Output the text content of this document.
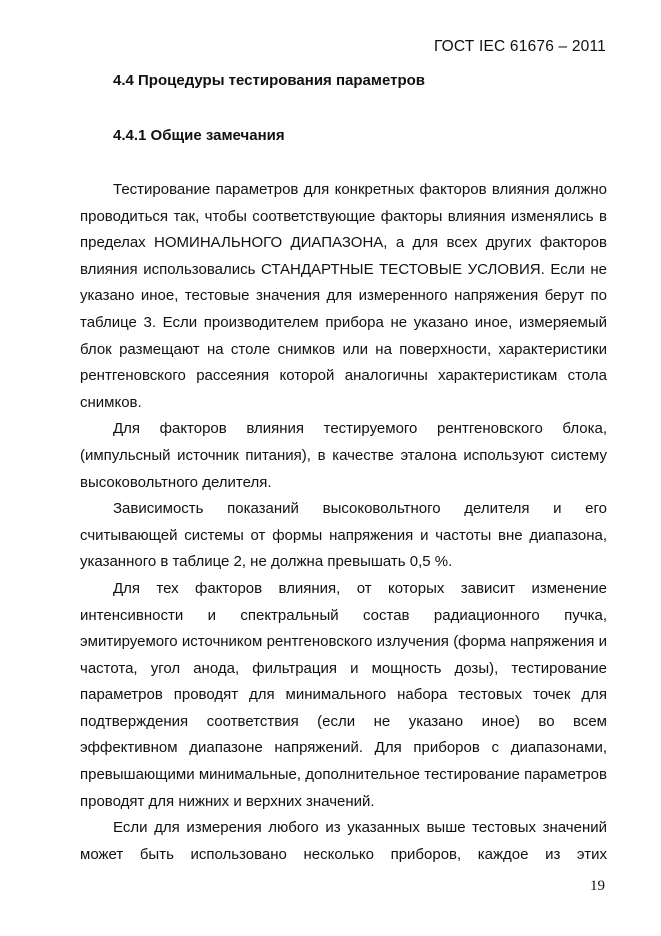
ГОСТ IEC 61676 – 2011
4.4 Процедуры тестирования параметров
4.4.1 Общие замечания

Тестирование параметров для конкретных факторов влияния должно проводиться так, чтобы соответствующие факторы влияния изменялись в пределах НОМИНАЛЬНОГО ДИАПАЗОНА, а для всех других факторов влияния использовались СТАНДАРТНЫЕ ТЕСТОВЫЕ УСЛОВИЯ. Если не указано иное, тестовые значения для измеренного напряжения берут по таблице 3. Если производителем прибора не указано иное, измеряемый блок размещают на столе снимков или на поверхности, характеристики рентгеновского рассеяния которой аналогичны характеристикам стола снимков.

Для факторов влияния тестируемого рентгеновского блока, (импульсный источник питания), в качестве эталона используют систему высоковольтного делителя.

Зависимость показаний высоковольтного делителя и его считывающей системы от формы напряжения и частоты вне диапазона, указанного в таблице 2, не должна превышать 0,5 %.

Для тех факторов влияния, от которых зависит изменение интенсивности и спектральный состав радиационного пучка, эмитируемого источником рентгеновского излучения (форма напряжения и частота, угол анода, фильтрация и мощность дозы), тестирование параметров проводят для минимального набора тестовых точек для подтверждения соответствия (если не указано иное) во всем эффективном диапазоне напряжений. Для приборов с диапазонами, превышающими минимальные, дополнительное тестирование параметров проводят для нижних и верхних значений.

Если для измерения любого из указанных выше тестовых значений может быть использовано несколько приборов, каждое из этих

19
